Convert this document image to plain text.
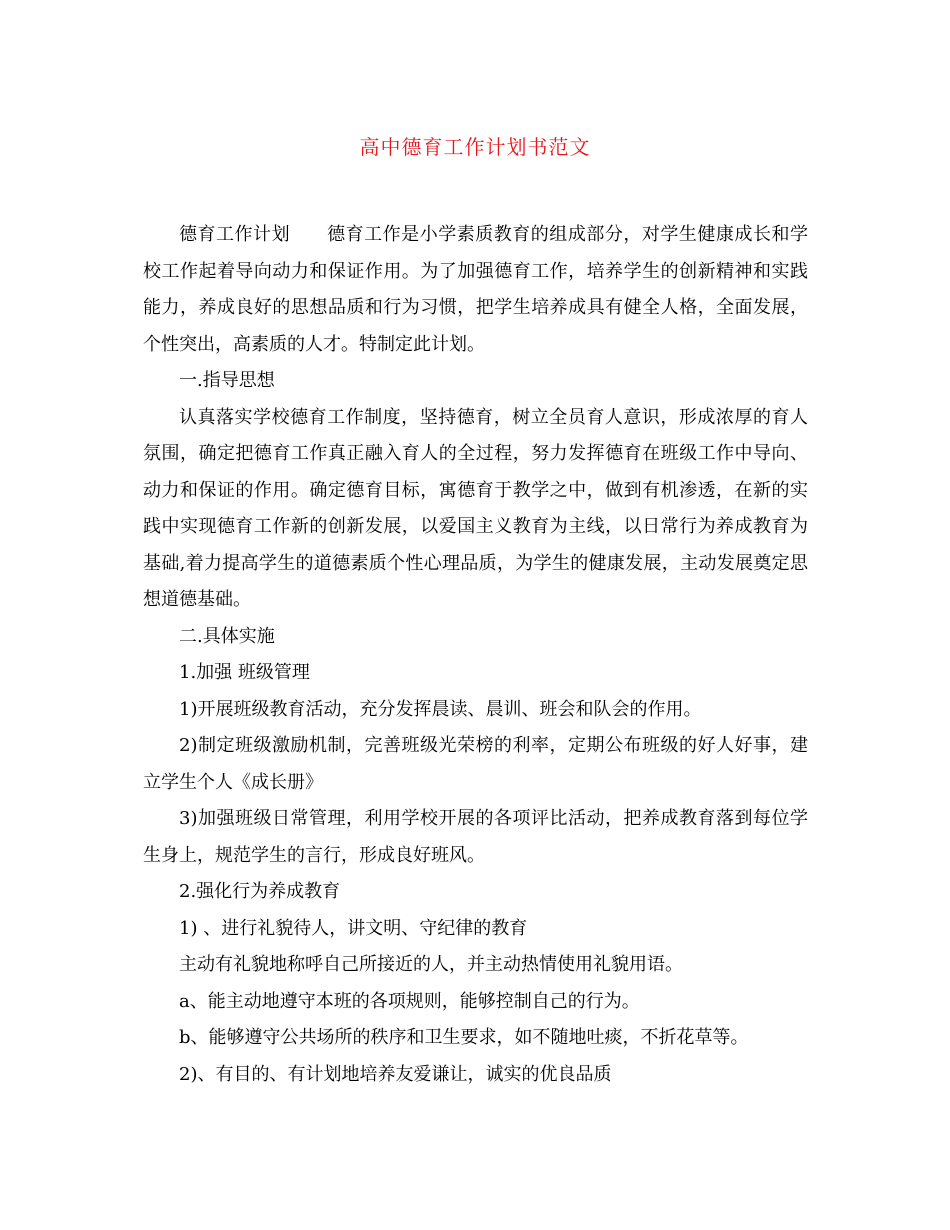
高中德育工作计划书范文

德育工作计划　　德育工作是小学素质教育的组成部分，对学生健康成长和学校工作起着导向动力和保证作用。为了加强德育工作，培养学生的创新精神和实践能力，养成良好的思想品质和行为习惯，把学生培养成具有健全人格，全面发展，个性突出，高素质的人才。特制定此计划。

一.指导思想

认真落实学校德育工作制度，坚持德育，树立全员育人意识，形成浓厚的育人氛围，确定把德育工作真正融入育人的全过程，努力发挥德育在班级工作中导向、动力和保证的作用。确定德育目标，寓德育于教学之中，做到有机渗透，在新的实践中实现德育工作新的创新发展，以爱国主义教育为主线，以日常行为养成教育为基础,着力提高学生的道德素质个性心理品质，为学生的健康发展，主动发展奠定思想道德基础。

二.具体实施

1.加强 班级管理

1)开展班级教育活动，充分发挥晨读、晨训、班会和队会的作用。

2)制定班级激励机制，完善班级光荣榜的利率，定期公布班级的好人好事，建立学生个人《成长册》

3)加强班级日常管理，利用学校开展的各项评比活动，把养成教育落到每位学生身上，规范学生的言行，形成良好班风。

2.强化行为养成教育

1) 、进行礼貌待人，讲文明、守纪律的教育

主动有礼貌地称呼自己所接近的人，并主动热情使用礼貌用语。

a、能主动地遵守本班的各项规则，能够控制自己的行为。

b、能够遵守公共场所的秩序和卫生要求，如不随地吐痰，不折花草等。

2)、有目的、有计划地培养友爱谦让，诚实的优良品质
